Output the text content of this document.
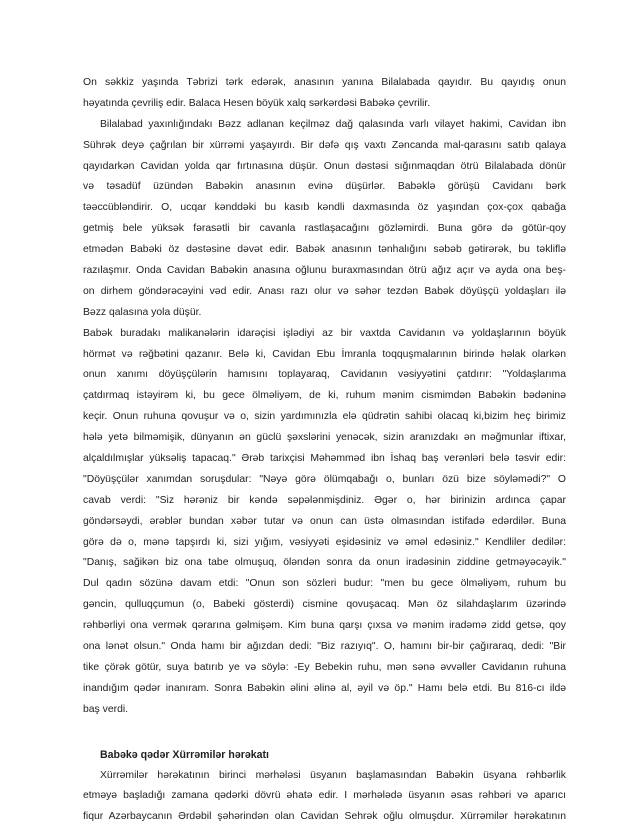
On səkkiz yaşında Təbrizi tərk edərək, anasının yanına Bilalabada qayıdır. Bu qayıdış onun
həyatında çevriliş edir. Balaca Hesen böyük xalq sərkərdəsi Babəkə çevrilir.
Bilalabad yaxınlığındakı Bəzz adlanan keçilməz dağ qalasında varlı vilayet hakimi, Cavidan ibn
Sührək deyə çağrılan bir xürrəmi yaşayırdı. Bir dəfə qış vaxtı Zəncanda mal-qarasını satıb qalaya
qayıdarkən Cavidan yolda qar fırtınasına düşür. Onun dəstəsi sığınmaqdan ötrü Bilalabada dönür
və təsadüf üzündən Babəkin anasının evinə düşürlər. Babəklə görüşü Cavidanı bərk
təəccübləndirir. O, ucqar kənddəki bu kasıb kəndli daxmasında öz yaşından çox-çox qabağa
getmiş bele yüksək fərasətli bir cavanla rastlaşacağını gözləmirdi. Buna görə də götür-qoy
etmədən Babəki öz dəstəsine dəvət edir. Babək anasının tənhalığını səbəb gətirərək, bu təkliflə
razılaşmır. Onda Cavidan Babəkin anasına oğlunu buraxmasından ötrü ağız açır və ayda ona beş-
on dirhem göndərəcəyini vəd edir. Anası razı olur və səhər tezdən Babək döyüşçü yoldaşları ilə
Bəzz qalasına yola düşür.
Babək buradakı malikanələrin idarəçisi işlədiyi az bir vaxtda Cavidanın və yoldaşlarının böyük
hörmət və rəğbətini qazanır. Belə ki, Cavidan Ebu İmranla toqquşmalarının birində həlak olarkən
onun xanımı döyüşçülərin hamısını toplayaraq, Cavidanın vəsiyyətini çatdırır: "Yoldaşlarıma
çatdırmaq istəyirəm ki, bu gece ölməliyəm, de ki, ruhum mənim cismimdən Babəkin bədəninə
keçir. Onun ruhuna qovuşur və o, sizin yardımınızla elə qüdrətin sahibi olacaq ki,bizim heç birimiz
hələ yetə bilməmişik, dünyanın ən güclü şəxslərini yenəcək, sizin aranızdakı ən məğmunlar iftixar,
alçaldılmışlar yüksəliş tapacaq." Ərəb tarixçisi Məhəmməd ibn İshaq baş verənləri belə təsvir edir:
"Döyüşçülər xanımdan soruşdular: "Nəyə görə ölümqabağı o, bunları özü bize söyləmədi?" O
cavab verdi: "Siz hərəniz bir kəndə səpələnmişdiniz. Əgər o, hər birinizin ardınca çapar
göndərsəydi, ərəblər bundan xəbər tutar və onun can üstə olmasından istifadə edərdilər. Buna
görə də o, mənə tapşırdı ki, sizi yığım, vəsiyyəti eşidəsiniz və əməl edəsiniz." Kendliler dedilər:
"Danış, sağikən biz ona tabe olmuşuq, öləndən sonra da onun iradəsinin ziddine getməyəcəyik."
Dul qadın sözünə davam etdi: "Onun son sözleri budur: "men bu gece ölməliyəm, ruhum bu
gəncin, qulluqçumun (o, Babeki gösterdi) cismine qovuşacaq. Mən öz silahdaşlarım üzərində
rəhbərliyi ona vermək qərarına gəlmişəm. Kim buna qarşı çıxsa və mənim iradəmə zidd getsə, qoy
ona lənət olsun." Onda hamı bir ağızdan dedi: "Biz razıyıq". O, hamını bir-bir çağıraraq, dedi: "Bir
tike çörək götür, suya batırıb ye və söylə: -Ey Bebekin ruhu, mən sənə əvvəller Cavidanın ruhuna
inandığım qədər inanıram. Sonra Babəkin əlini əlinə al, əyil və öp." Hamı belə etdi. Bu 816-cı ildə
baş verdi.
Babəkə qədər Xürrəmilər hərəkatı
Xürrəmilər hərəkatının birinci mərhələsi üsyanın başlamasından Babəkin üsyana rəhbərlik
etməyə başladığı zamana qədərki dövrü əhatə edir. I mərhələdə üsyanın əsas rəhbəri və aparıcı
fiqur Azərbaycanın Ərdəbil şəhərindən olan Cavidan Sehrək oğlu olmuşdur. Xürrəmilər hərəkatının
